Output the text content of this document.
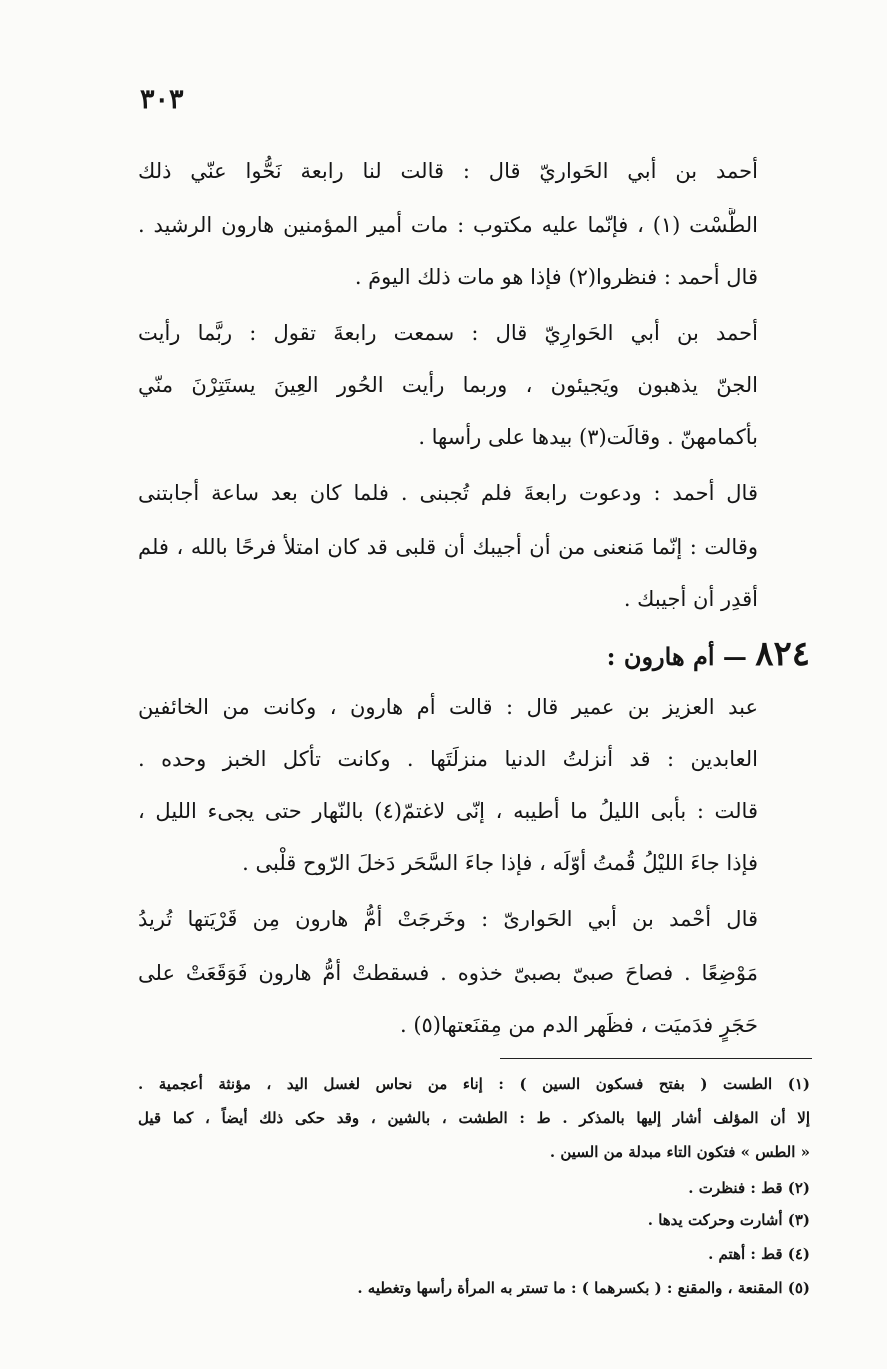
٣٠٣
أحمد بن أبي الحَواريّ قال : قالت لنا رابعة نَحُّوا عنّي ذلك
الطَّسْت (١) ، فإنّما عليه مكتوب : مات أمير المؤمنين هارون الرشيد .
قال أحمد : فنظروا(٢) فإذا هو مات ذلك اليومَ .
أحمد بن أبي الحَوارِيّ قال : سمعت رابعةَ تقول : ربَّما رأيت
الجنّ يذهبون ويَجيئون ، وربما رأيت الحُور العِينَ يستَتِرْنَ منّي
بأكمامهنّ . وقالَت(٣) بيدها على رأسها .
قال أحمد : ودعوت رابعةَ فلم تُجبنى . فلما كان بعد ساعة أجابتنى
وقالت : إنّما مَنعنى من أن أجيبك أن قلبى قد كان امتلأ فرحًا بالله ، فلم
أقدِر أن أجيبك .
٨٢٤ — أم هارون :
عبد العزيز بن عمير قال : قالت أم هارون ، وكانت من الخائفين
العابدين : قد أنزلتُ الدنيا منزلَتَها . وكانت تأكل الخبز وحده .
قالت : بأبى الليلُ ما أطيبه ، إنّى لاغتمّ(٤) بالنّهار حتى يجىء الليل ،
فإذا جاءَ الليْلُ قُمتُ أوّلَه ، فإذا جاءَ السَّحَر دَخلَ الرّوح قلْبى .
قال أحْمد بن أبي الحَوارىّ : وخَرجَتْ أمُّ هارون مِن قَرْيَتها تُريدُ
مَوْضِعًا . فصاحَ صبىّ بصبىّ خذوه . فسقطتْ أمُّ هارون فَوَقَعَتْ على
حَجَرٍ فدَميَت ، فظَهر الدم من مِقنَعتها(٥) .
(١) الطست ( بفتح فسكون السين ) : إناء من نحاس لغسل اليد ، مؤنثة أعجمية .
إلا أن المؤلف أشار إليها بالمذكر . ط : الطشت ، بالشين ، وقد حكى ذلك أيضاً ، كما قيل
« الطس » فتكون التاء مبدلة من السين .
(٢) قط : فنظرت .
(٣) أشارت وحركت يدها .
(٤) قط : أهتم .
(٥) المقنعة ، والمقنع : ( بكسرهما ) : ما تستر به المرأة رأسها وتغطيه .
